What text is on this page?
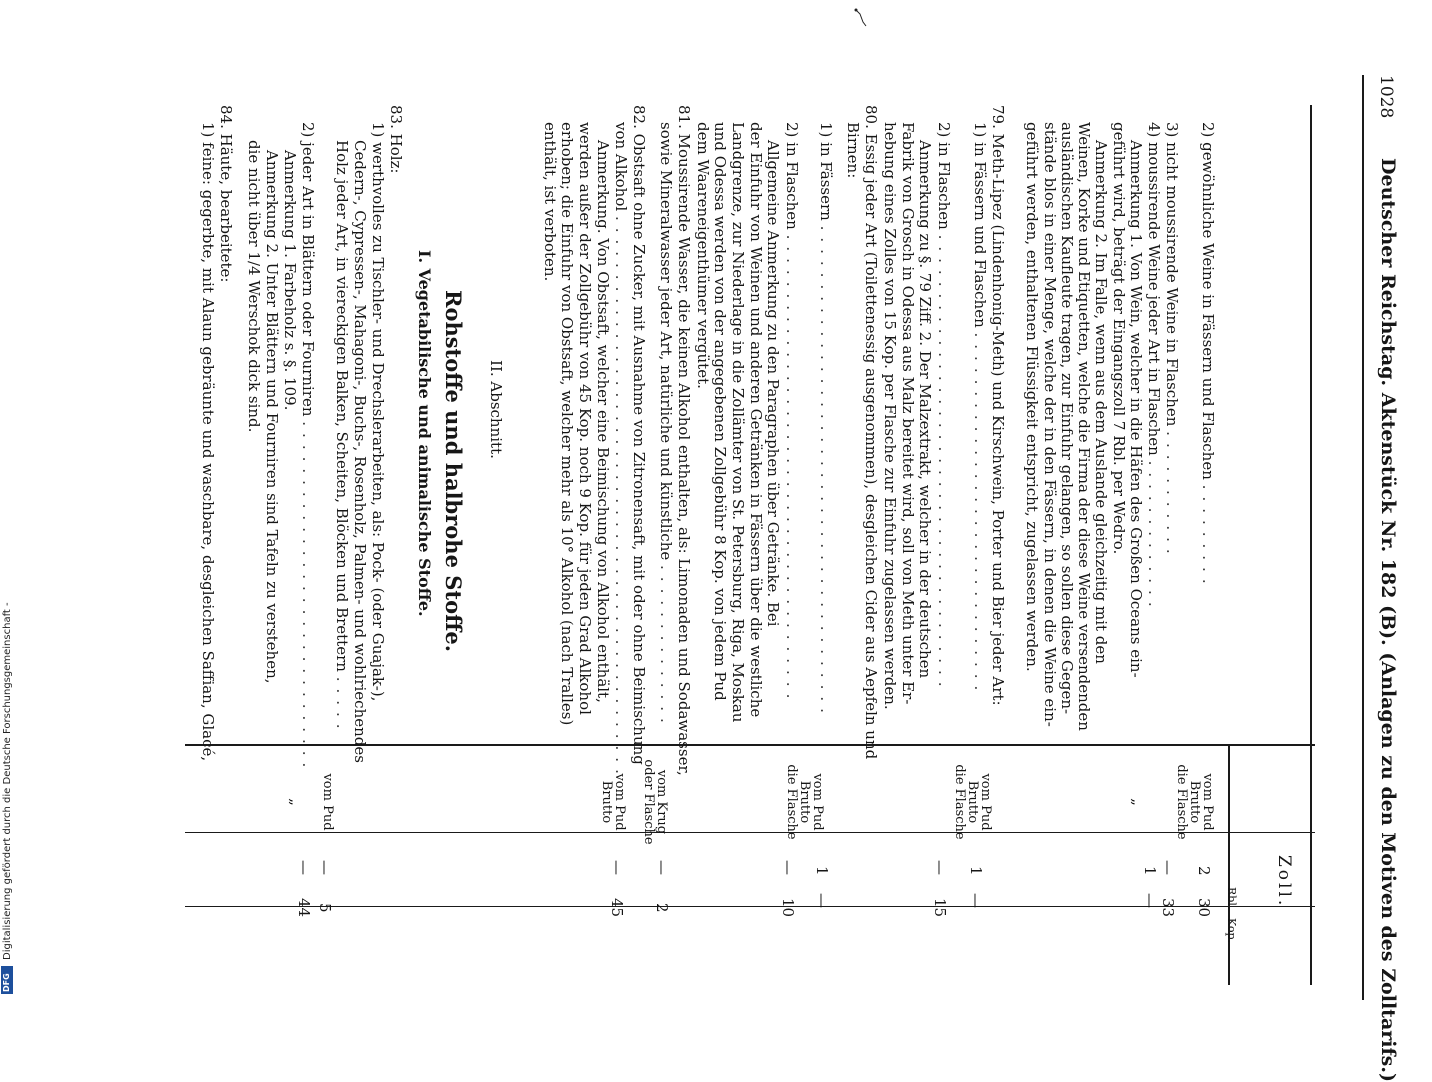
1028
Deutscher Reichstag. Aktenstück Nr. 182 (B). (Anlagen zu den Motiven des Zolltarifs.)
Zoll.
Rbl.
Kop.
2) gewöhnliche Weine in Fässern und Flaschen .........
3) nicht moussirende Weine in Flaschen ...........
4) moussirende Weine jeder Art in Flaschen .............
Anmerkung 1. Von Wein, welcher in die Häfen des Großen Oceans ein-
geführt wird, beträgt der Eingangszoll 7 Rbl. per Wedro.
Anmerkung 2. Im Falle, wenn aus dem Auslande gleichzeitig mit den
Weinen, Korke und Etiquetten, welche die Firma der diese Weine versendenden
ausländischen Kaufleute tragen, zur Einfuhr gelangen, so sollen diese Gegen-
stände blos in einer Menge, welche der in den Fässern, in denen die Weine ein-
geführt werden, enthaltenen Flüssigkeit entspricht, zugelassen werden.
79. Meth-Lipez (Lindenhonig-Meth) und Kirschwein, Porter und Bier jeder Art:
1) in Fässern und Flaschen ...............................
2) in Flaschen .......................................
Anmerkung zu §. 79 Ziff. 2. Der Malzextrakt, welcher in der deutschen
Fabrik von Grosch in Odessa aus Malz bereitet wird, soll von Meth unter Er-
hebung eines Zolles von 15 Kop. per Flasche zur Einfuhr zugelassen werden.
80. Essig jeder Art (Toilettenessig ausgenommen), desgleichen Cider aus Aepfeln und
Birnen:
1) in Fässern ..........................................
2) in Flaschen ........................................
Allgemeine Anmerkung zu den Paragraphen über Getränke. Bei
der Einfuhr von Weinen und anderen Getränken in Fässern über die westliche
Landgrenze, zur Niederlage in die Zollämter von St. Petersburg, Riga, Moskau
und Odessa werden von der angegebenen Zollgebühr 8 Kop. von jedem Pud
dem Waareneigenthümer vergütet.
81. Moussirende Wasser, die keinen Alkohol enthalten, als: Limonaden und Sodawasser,
sowie Mineralwasser jeder Art, natürliche und künstliche ..............
82. Obstsaft ohne Zucker, mit Ausnahme von Zitronensaft, mit oder ohne Beimischung
von Alkohol ................................................
Anmerkung. Von Obstsaft, welcher eine Beimischung von Alkohol enthält,
werden außer der Zollgebühr von 45 Kop. noch 9 Kop. für jeden Grad Alkohol
erhoben; die Einfuhr von Obstsaft, welcher mehr als 10° Alkohol (nach Tralles)
enthält, ist verboten.
II. Abschnitt.
Rohstoffe und halbrohe Stoffe.
I. Vegetabilische und animalische Stoffe.
83. Holz:
1) werthvolles zu Tischler- und Drechslerarbeiten, als: Pock- (oder Guajak-),
Cedern-, Cypressen-, Mahagoni-, Buchs-, Rosenholz, Palmen- und wohlriechendes
Holz jeder Art, in viereckigen Balken, Scheiten, Blöcken und Brettern .....
2) jeder Art in Blättern oder Fourniren ..............................
Anmerkung 1. Farbeholz s. §. 109.
Anmerkung 2. Unter Blättern und Fourniren sind Tafeln zu verstehen,
die nicht über 1/4 Werschok dick sind.
84. Häute, bearbeitete:
1) feine: gegerbte, mit Alaun gebräunte und waschbare, desgleichen Saffian, Glacé,
vom Pud
Brutto
die Flasche
„
vom Pud
Brutto
die Flasche
vom Pud
Brutto
die Flasche
vom Krug
oder Flasche
vom Pud
Brutto
vom Pud
„
2
30
—
33
1
—
1
—
—
15
1
—
—
10
—
2
—
45
—
5
—
44
Digitalisierung gefördert durch die Deutsche Forschungsgemeinschaft -
DFG
